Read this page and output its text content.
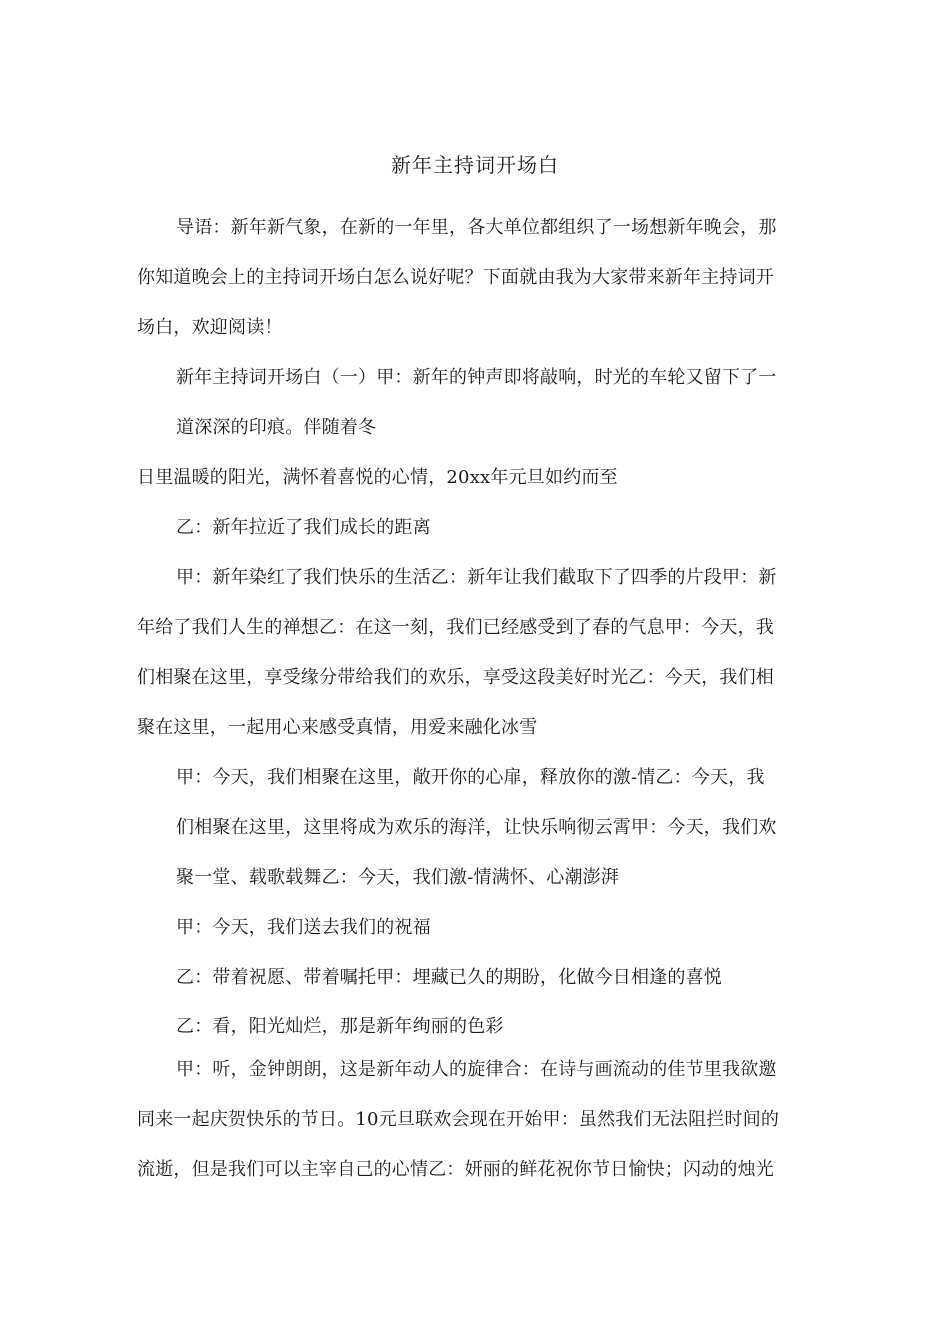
新年主持词开场白
导语：新年新气象，在新的一年里，各大单位都组织了一场想新年晚会，那
你知道晚会上的主持词开场白怎么说好呢？下面就由我为大家带来新年主持词开
场白，欢迎阅读！
新年主持词开场白（一）甲：新年的钟声即将敲响，时光的车轮又留下了一
道深深的印痕。伴随着冬
日里温暖的阳光，满怀着喜悦的心情，20xx年元旦如约而至
乙：新年拉近了我们成长的距离
甲：新年染红了我们快乐的生活乙：新年让我们截取下了四季的片段甲：新
年给了我们人生的禅想乙：在这一刻，我们已经感受到了春的气息甲：今天，我
们相聚在这里，享受缘分带给我们的欢乐，享受这段美好时光乙：今天，我们相
聚在这里，一起用心来感受真情，用爱来融化冰雪
甲：今天，我们相聚在这里，敞开你的心扉，释放你的激-情乙：今天，我
们相聚在这里，这里将成为欢乐的海洋，让快乐响彻云霄甲：今天，我们欢
聚一堂、载歌载舞乙：今天，我们激-情满怀、心潮澎湃
甲：今天，我们送去我们的祝福
乙：带着祝愿、带着嘱托甲：埋藏已久的期盼，化做今日相逢的喜悦
乙：看，阳光灿烂，那是新年绚丽的色彩
甲：听，金钟朗朗，这是新年动人的旋律合：在诗与画流动的佳节里我欲邀
同来一起庆贺快乐的节日。10元旦联欢会现在开始甲：虽然我们无法阻拦时间的
流逝，但是我们可以主宰自己的心情乙：妍丽的鲜花祝你节日愉快；闪动的烛光
